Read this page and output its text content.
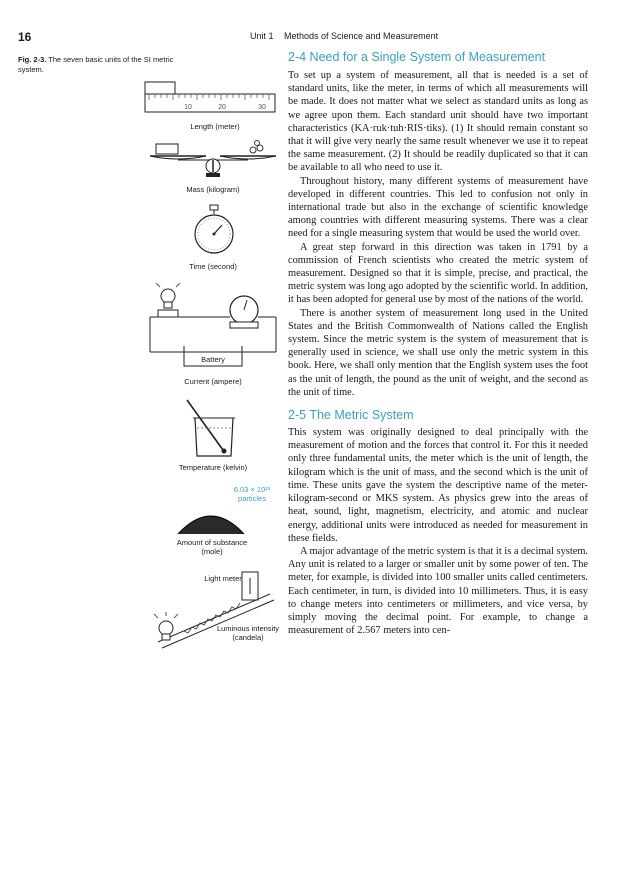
16	Unit 1 Methods of Science and Measurement
Fig. 2-3. The seven basic units of the SI metric system.
10	20	30
Length (meter)
Mass (kilogram)
Time (second)
Battery
Current (ampere)
Temperature (kelvin)
6.03 × 10²³
particles
Amount of substance
(mole)
Light meter
Luminous intensity
(candela)
2-4 Need for a Single System of Measurement

To set up a system of measurement, all that is needed is a set of standard units, like the meter, in terms of which all measurements will be made. It does not matter what we select as standard units as long as we agree upon them. Each standard unit should have two important characteristics (KA·ruk·tuh·RIS·tiks). (1) It should remain constant so that it will give very nearly the same result whenever we use it to repeat the same measurement. (2) It should be readily duplicated so that it can be available to all who need to use it.

Throughout history, many different systems of measurement have developed in different countries. This led to confusion not only in international trade but also in the exchange of scientific knowledge among countries with different measuring systems. There was a clear need for a single measuring system that would be used the world over.

A great step forward in this direction was taken in 1791 by a commission of French scientists who created the metric system of measurement. Designed so that it is simple, precise, and practical, the metric system was long ago adopted by the scientific world. In addition, it has been adopted for general use by most of the nations of the world.

There is another system of measurement long used in the United States and the British Commonwealth of Nations called the English system. Since the metric system is the system of measurement that is generally used in science, we shall use only the metric system in this book. Here, we shall only mention that the English system uses the foot as the unit of length, the pound as the unit of weight, and the second as the unit of time.

2-5 The Metric System

This system was originally designed to deal principally with the measurement of motion and the forces that control it. For this it needed only three fundamental units, the meter which is the unit of length, the kilogram which is the unit of mass, and the second which is the unit of time. These units gave the system the descriptive name of the meter-kilogram-second or MKS system. As physics grew into the areas of heat, sound, light, magnetism, electricity, and atomic and nuclear energy, additional units were introduced as needed for measurement in these fields.

A major advantage of the metric system is that it is a decimal system. Any unit is related to a larger or smaller unit by some power of ten. The meter, for example, is divided into 100 smaller units called centimeters. Each centimeter, in turn, is divided into 10 millimeters. Thus, it is easy to change meters into centimeters or millimeters, and vice versa, by simply moving the decimal point. For example, to change a measurement of 2.567 meters into cen-
